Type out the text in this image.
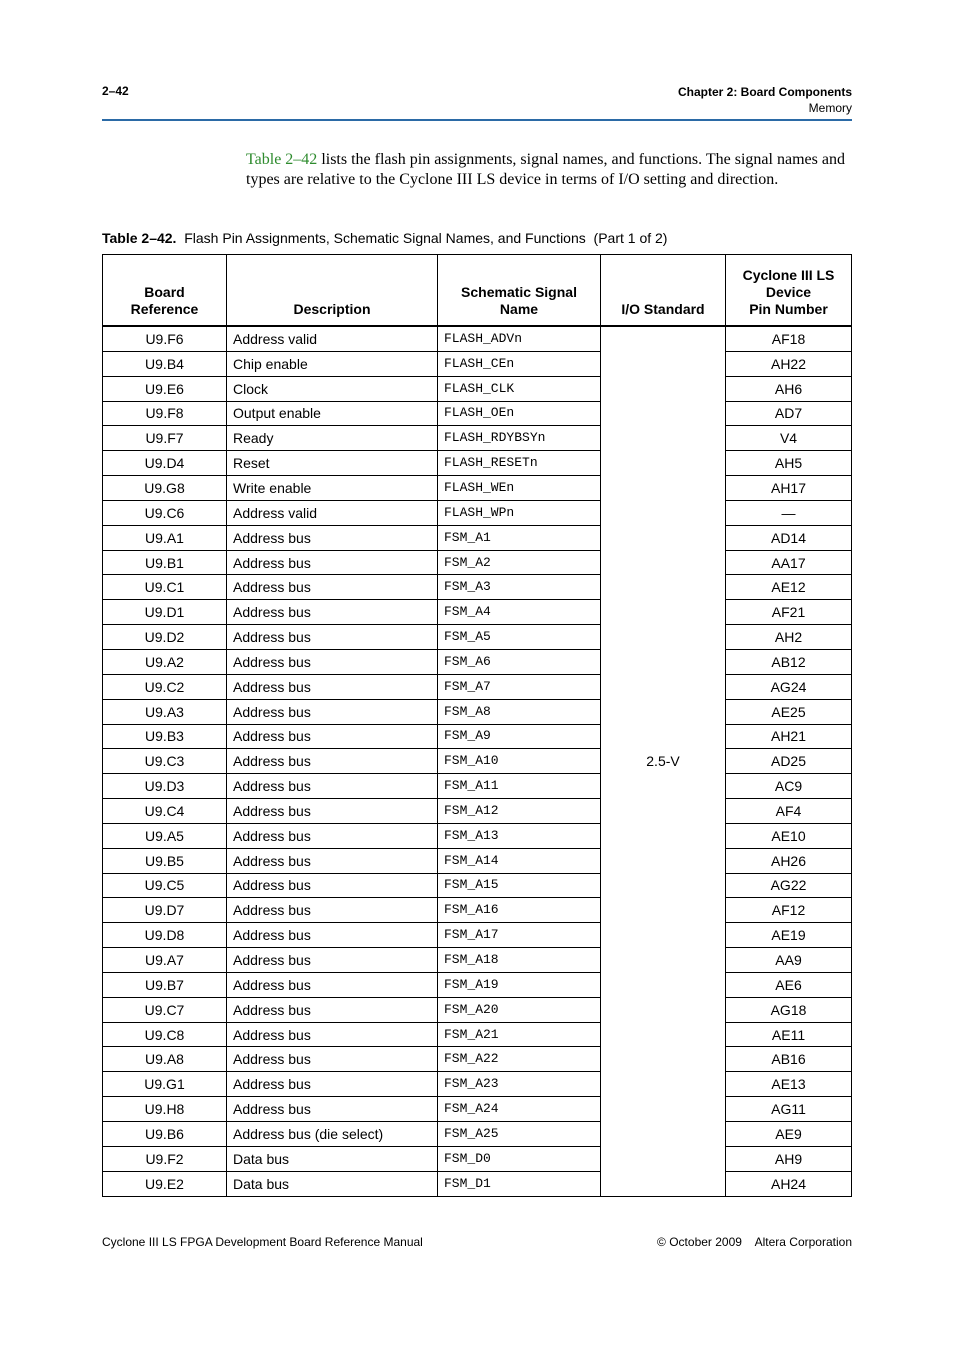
2–42	Chapter 2: Board Components
Memory

Table 2–42 lists the flash pin assignments, signal names, and functions. The signal names and types are relative to the Cyclone III LS device in terms of I/O setting and direction.

Table 2–42.  Flash Pin Assignments, Schematic Signal Names, and Functions  (Part 1 of 2)
Board Reference	Description	Schematic Signal Name	I/O Standard	Cyclone III LS
Device
Pin Number
U9.F6	Address valid	FLASH_ADVn	2.5-V	AF18
U9.B4	Chip enable	FLASH_CEn		AH22
U9.E6	Clock	FLASH_CLK		AH6
U9.F8	Output enable	FLASH_OEn		AD7
U9.F7	Ready	FLASH_RDYBSYn		V4
U9.D4	Reset	FLASH_RESETn		AH5
U9.G8	Write enable	FLASH_WEn		AH17
U9.C6	Address valid	FLASH_WPn		—
U9.A1	Address bus	FSM_A1		AD14
U9.B1	Address bus	FSM_A2		AA17
U9.C1	Address bus	FSM_A3		AE12
U9.D1	Address bus	FSM_A4		AF21
U9.D2	Address bus	FSM_A5		AH2
U9.A2	Address bus	FSM_A6		AB12
U9.C2	Address bus	FSM_A7		AG24
U9.A3	Address bus	FSM_A8		AE25
U9.B3	Address bus	FSM_A9		AH21
U9.C3	Address bus	FSM_A10		AD25
U9.D3	Address bus	FSM_A11		AC9
U9.C4	Address bus	FSM_A12		AF4
U9.A5	Address bus	FSM_A13		AE10
U9.B5	Address bus	FSM_A14		AH26
U9.C5	Address bus	FSM_A15		AG22
U9.D7	Address bus	FSM_A16		AF12
U9.D8	Address bus	FSM_A17		AE19
U9.A7	Address bus	FSM_A18		AA9
U9.B7	Address bus	FSM_A19		AE6
U9.C7	Address bus	FSM_A20		AG18
U9.C8	Address bus	FSM_A21		AE11
U9.A8	Address bus	FSM_A22		AB16
U9.G1	Address bus	FSM_A23		AE13
U9.H8	Address bus	FSM_A24		AG11
U9.B6	Address bus (die select)	FSM_A25		AE9
U9.F2	Data bus	FSM_D0		AH9
U9.E2	Data bus	FSM_D1		AH24
Cyclone III LS FPGA Development Board Reference Manual	© October 2009    Altera Corporation
